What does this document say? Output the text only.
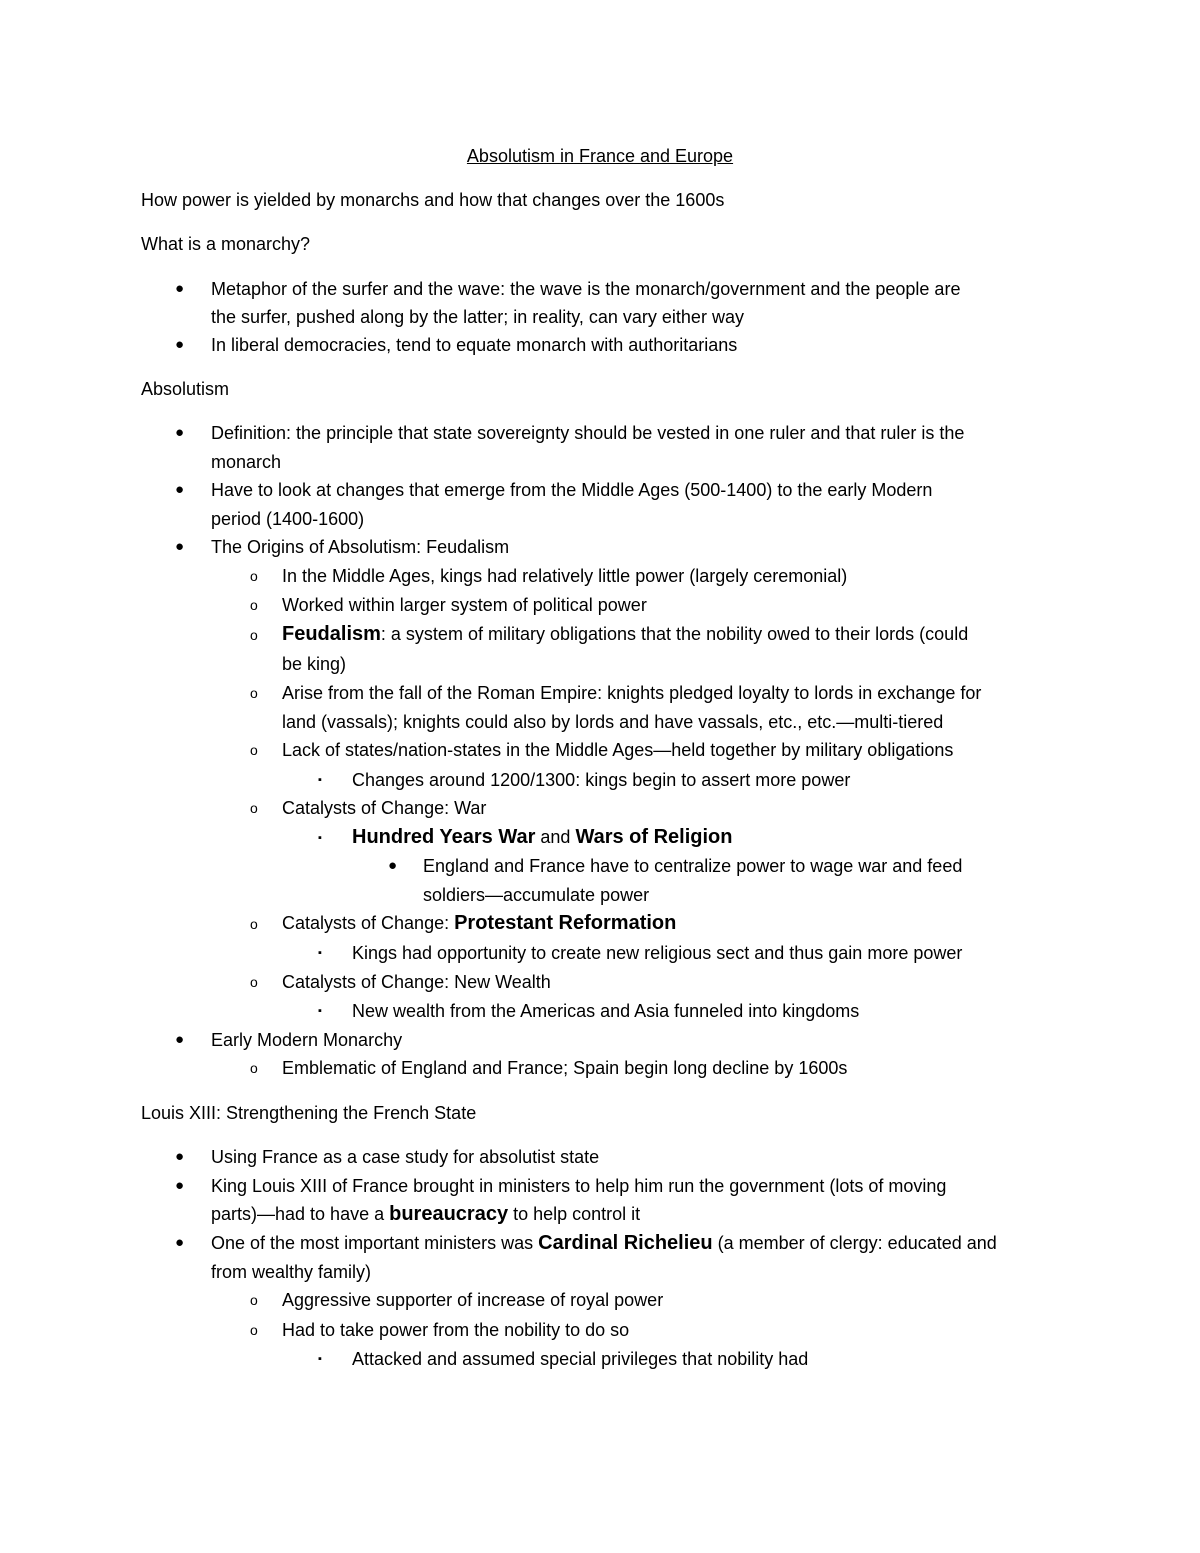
Absolutism in France and Europe
How power is yielded by monarchs and how that changes over the 1600s
What is a monarchy?
● Metaphor of the surfer and the wave: the wave is the monarch/government and the people are
the surfer, pushed along by the latter; in reality, can vary either way
● In liberal democracies, tend to equate monarch with authoritarians
Absolutism
● Definition: the principle that state sovereignty should be vested in one ruler and that ruler is the
monarch
● Have to look at changes that emerge from the Middle Ages (500-1400) to the early Modern
period (1400-1600)
● The Origins of Absolutism: Feudalism
o In the Middle Ages, kings had relatively little power (largely ceremonial)
o Worked within larger system of political power
o Feudalism: a system of military obligations that the nobility owed to their lords (could
be king)
o Arise from the fall of the Roman Empire: knights pledged loyalty to lords in exchange for
land (vassals); knights could also by lords and have vassals, etc., etc.—multi-tiered
o Lack of states/nation-states in the Middle Ages—held together by military obligations
▪ Changes around 1200/1300: kings begin to assert more power
o Catalysts of Change: War
▪ Hundred Years War and Wars of Religion
● England and France have to centralize power to wage war and feed
soldiers—accumulate power
o Catalysts of Change: Protestant Reformation
▪ Kings had opportunity to create new religious sect and thus gain more power
o Catalysts of Change: New Wealth
▪ New wealth from the Americas and Asia funneled into kingdoms
● Early Modern Monarchy
o Emblematic of England and France; Spain begin long decline by 1600s
Louis XIII: Strengthening the French State
● Using France as a case study for absolutist state
● King Louis XIII of France brought in ministers to help him run the government (lots of moving
parts)—had to have a bureaucracy to help control it
● One of the most important ministers was Cardinal Richelieu (a member of clergy: educated and
from wealthy family)
o Aggressive supporter of increase of royal power
o Had to take power from the nobility to do so
▪ Attacked and assumed special privileges that nobility had
